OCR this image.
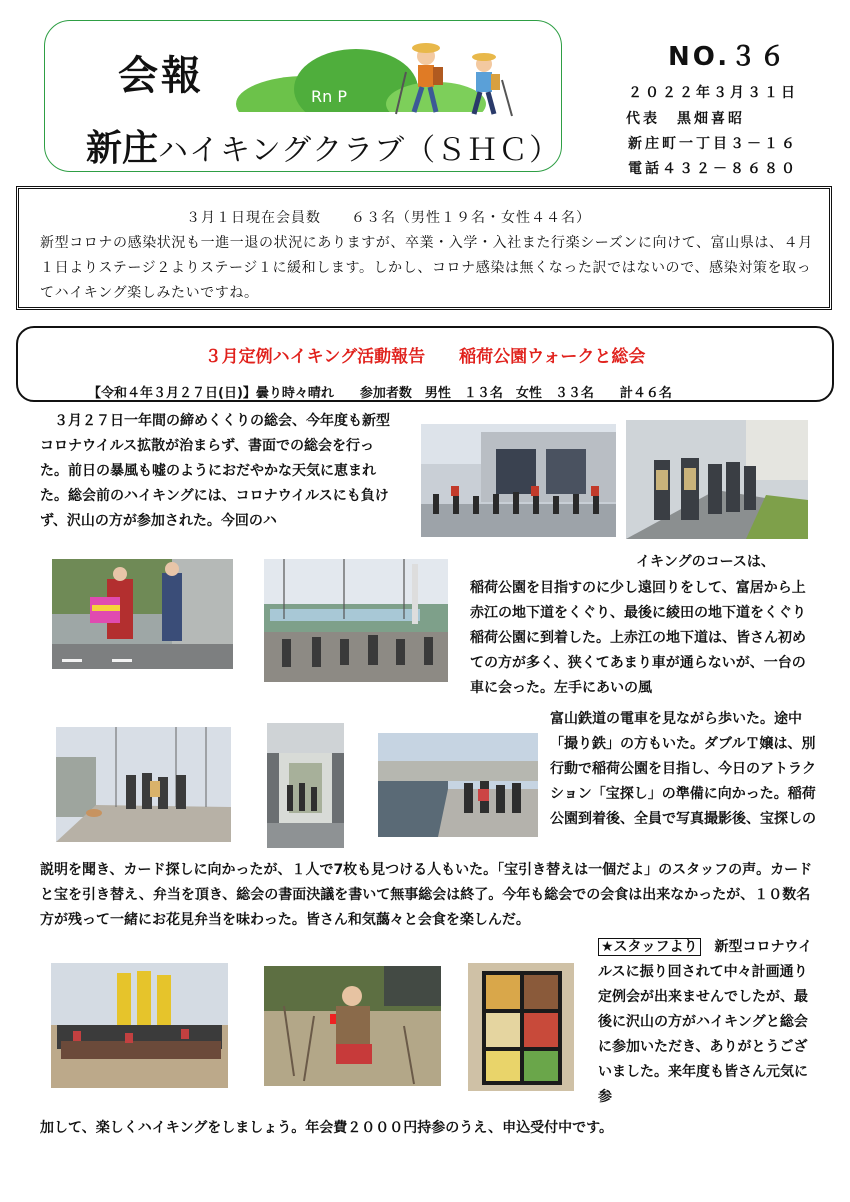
会報	Rn P
新庄ハイキングクラブ（ＳＨＣ）
NO.３６
２０２２年３月３１日
代表　黒畑喜昭
新庄町一丁目３－１６
電話４３２－８６８０
３月１日現在会員数　　６３名（男性１９名・女性４４名）
新型コロナの感染状況も一進一退の状況にありますが、卒業・入学・入社また行楽シーズンに向けて、富山県は、４月１日よりステージ２よりステージ１に緩和します。しかし、コロナ感染は無くなった訳ではないので、感染対策を取ってハイキング楽しみたいですね。
３月定例ハイキング活動報告　　稲荷公園ウォークと総会
【令和４年３月２７日(日)】曇り時々晴れ　　参加者数　男性　１３名　女性　３３名　　計４６名
　３月２７日一年間の締めくくりの総会、今年度も新型コロナウイルス拡散が治まらず、書面での総会を行った。前日の暴風も嘘のようにおだやかな天気に恵まれた。総会前のハイキングには、コロナウイルスにも負けず、沢山の方が参加された。今回のハ
イキングのコースは、
稲荷公園を目指すのに少し遠回りをして、富居から上赤江の地下道をくぐり、最後に綾田の地下道をくぐり稲荷公園に到着した。上赤江の地下道は、皆さん初めての方が多く、狭くてあまり車が通らないが、一台の車に会った。左手にあいの風
富山鉄道の電車を見ながら歩いた。途中「撮り鉄」の方もいた。ダブルＴ嬢は、別行動で稲荷公園を目指し、今日のアトラクション「宝探し」の準備に向かった。稲荷公園到着後、全員で写真撮影後、宝探しの
説明を聞き、カード探しに向かったが、１人で7枚も見つける人もいた。「宝引き替えは一個だよ」のスタッフの声。カードと宝を引き替え、弁当を頂き、総会の書面決議を書いて無事総会は終了。今年も総会での会食は出来なかったが、１０数名方が残って一緒にお花見弁当を味わった。皆さん和気藹々と会食を楽しんだ。
★スタッフより　新型コロナウイルスに振り回されて中々計画通り定例会が出来ませんでしたが、最後に沢山の方がハイキングと総会に参加いただき、ありがとうございました。来年度も皆さん元気に参
加して、楽しくハイキングをしましょう。年会費２０００円持参のうえ、申込受付中です。
